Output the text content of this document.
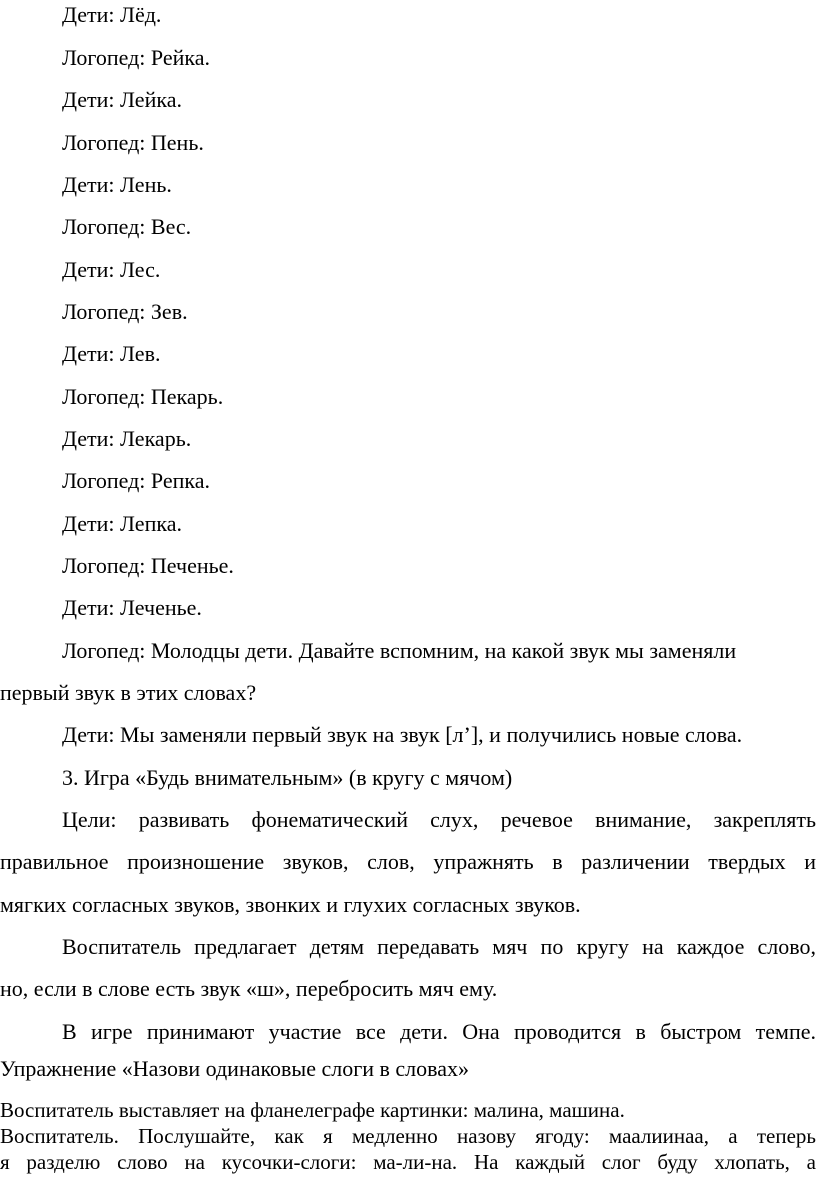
Дети: Лёд.

Логопед: Рейка.

Дети: Лейка.

Логопед: Пень.

Дети: Лень.

Логопед: Вес.

Дети: Лес.

Логопед: Зев.

Дети: Лев.

Логопед: Пекарь.

Дети: Лекарь.

Логопед: Репка.

Дети: Лепка.

Логопед: Печенье.

Дети: Леченье.

Логопед: Молодцы дети. Давайте вспомним, на какой звук мы заменяли

первый звук в этих словах?

Дети: Мы заменяли первый звук на звук [л’], и получились новые слова.

3. Игра «Будь внимательным» (в кругу с мячом)

Цели: развивать фонематический слух, речевое внимание, закреплять

правильное произношение звуков, слов, упражнять в различении твердых и

мягких согласных звуков, звонких и глухих согласных звуков.

Воспитатель предлагает детям передавать мяч по кругу на каждое слово,

но, если в слове есть звук «ш», перебросить мяч ему.

В игре принимают участие все дети. Она проводится в быстром темпе.

Упражнение «Назови одинаковые слоги в словах»

Воспитатель выставляет на фланелеграфе картинки: малина, машина.

Воспитатель. Послушайте, как я медленно назову ягоду: маалиинаа, а теперь

я разделю слово на кусочки-слоги: ма-ли-на. На каждый слог буду хлопать, а
